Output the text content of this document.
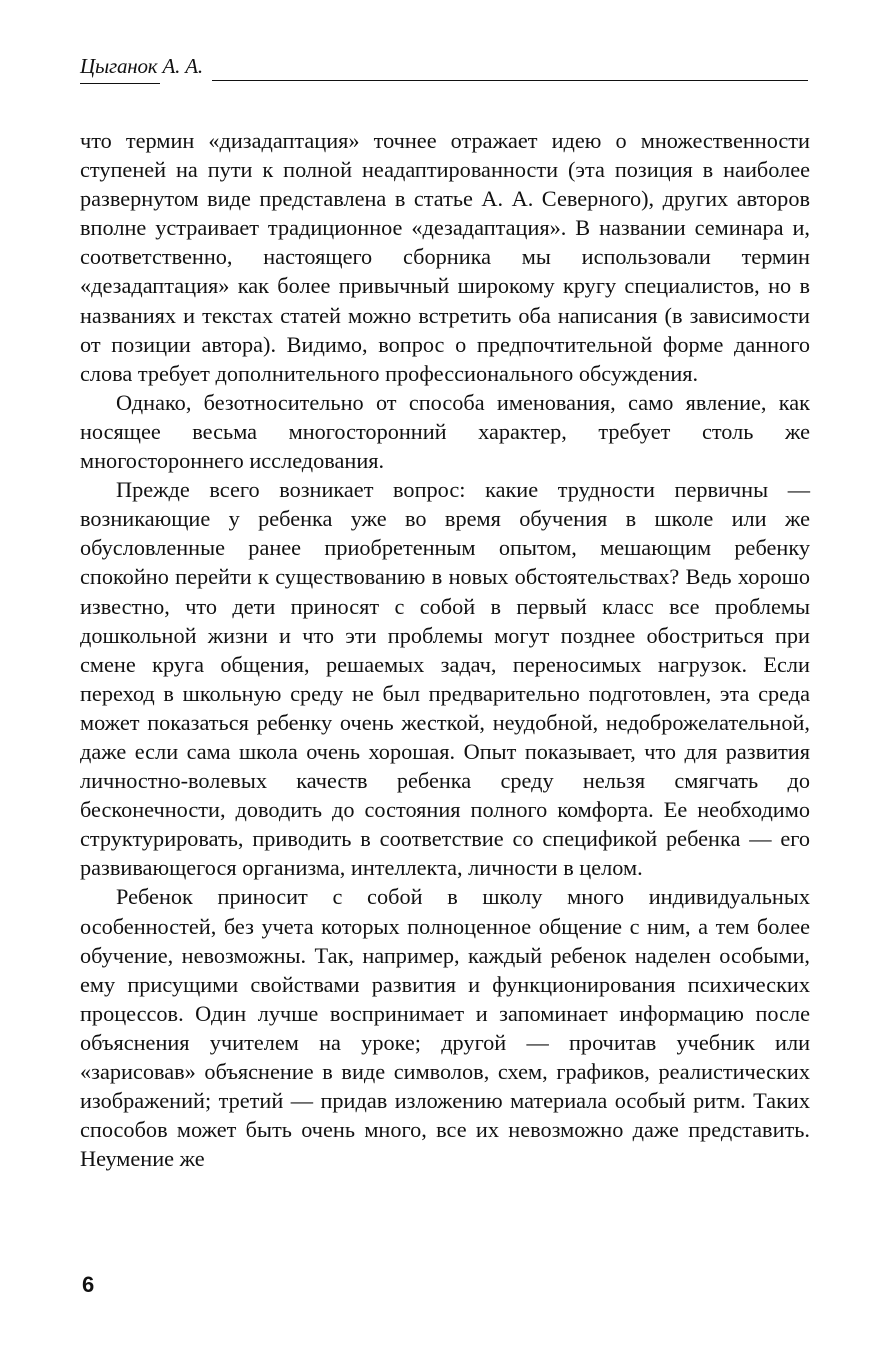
Цыганок А. А.

что термин «дизадаптация» точнее отражает идею о множественности ступеней на пути к полной неадаптированности (эта позиция в наиболее развернутом виде представлена в статье А. А. Северного), других авторов вполне устраивает традиционное «дезадаптация». В названии семинара и, соответственно, настоящего сборника мы использовали термин «дезадаптация» как более привычный широкому кругу специалистов, но в названиях и текстах статей можно встретить оба написания (в зависимости от позиции автора). Видимо, вопрос о предпочтительной форме данного слова требует дополнительного профессионального обсуждения.

Однако, безотносительно от способа именования, само явление, как носящее весьма многосторонний характер, требует столь же многостороннего исследования.

Прежде всего возникает вопрос: какие трудности первичны — возникающие у ребенка уже во время обучения в школе или же обусловленные ранее приобретенным опытом, мешающим ребенку спокойно перейти к существованию в новых обстоятельствах? Ведь хорошо известно, что дети приносят с собой в первый класс все проблемы дошкольной жизни и что эти проблемы могут позднее обостриться при смене круга общения, решаемых задач, переносимых нагрузок. Если переход в школьную среду не был предварительно подготовлен, эта среда может показаться ребенку очень жесткой, неудобной, недоброжелательной, даже если сама школа очень хорошая. Опыт показывает, что для развития личностно-волевых качеств ребенка среду нельзя смягчать до бесконечности, доводить до состояния полного комфорта. Ее необходимо структурировать, приводить в соответствие со спецификой ребенка — его развивающегося организма, интеллекта, личности в целом.

Ребенок приносит с собой в школу много индивидуальных особенностей, без учета которых полноценное общение с ним, а тем более обучение, невозможны. Так, например, каждый ребенок наделен особыми, ему присущими свойствами развития и функционирования психических процессов. Один лучше воспринимает и запоминает информацию после объяснения учителем на уроке; другой — прочитав учебник или «зарисовав» объяснение в виде символов, схем, графиков, реалистических изображений; третий — придав изложению материала особый ритм. Таких способов может быть очень много, все их невозможно даже представить. Неумение же

6
